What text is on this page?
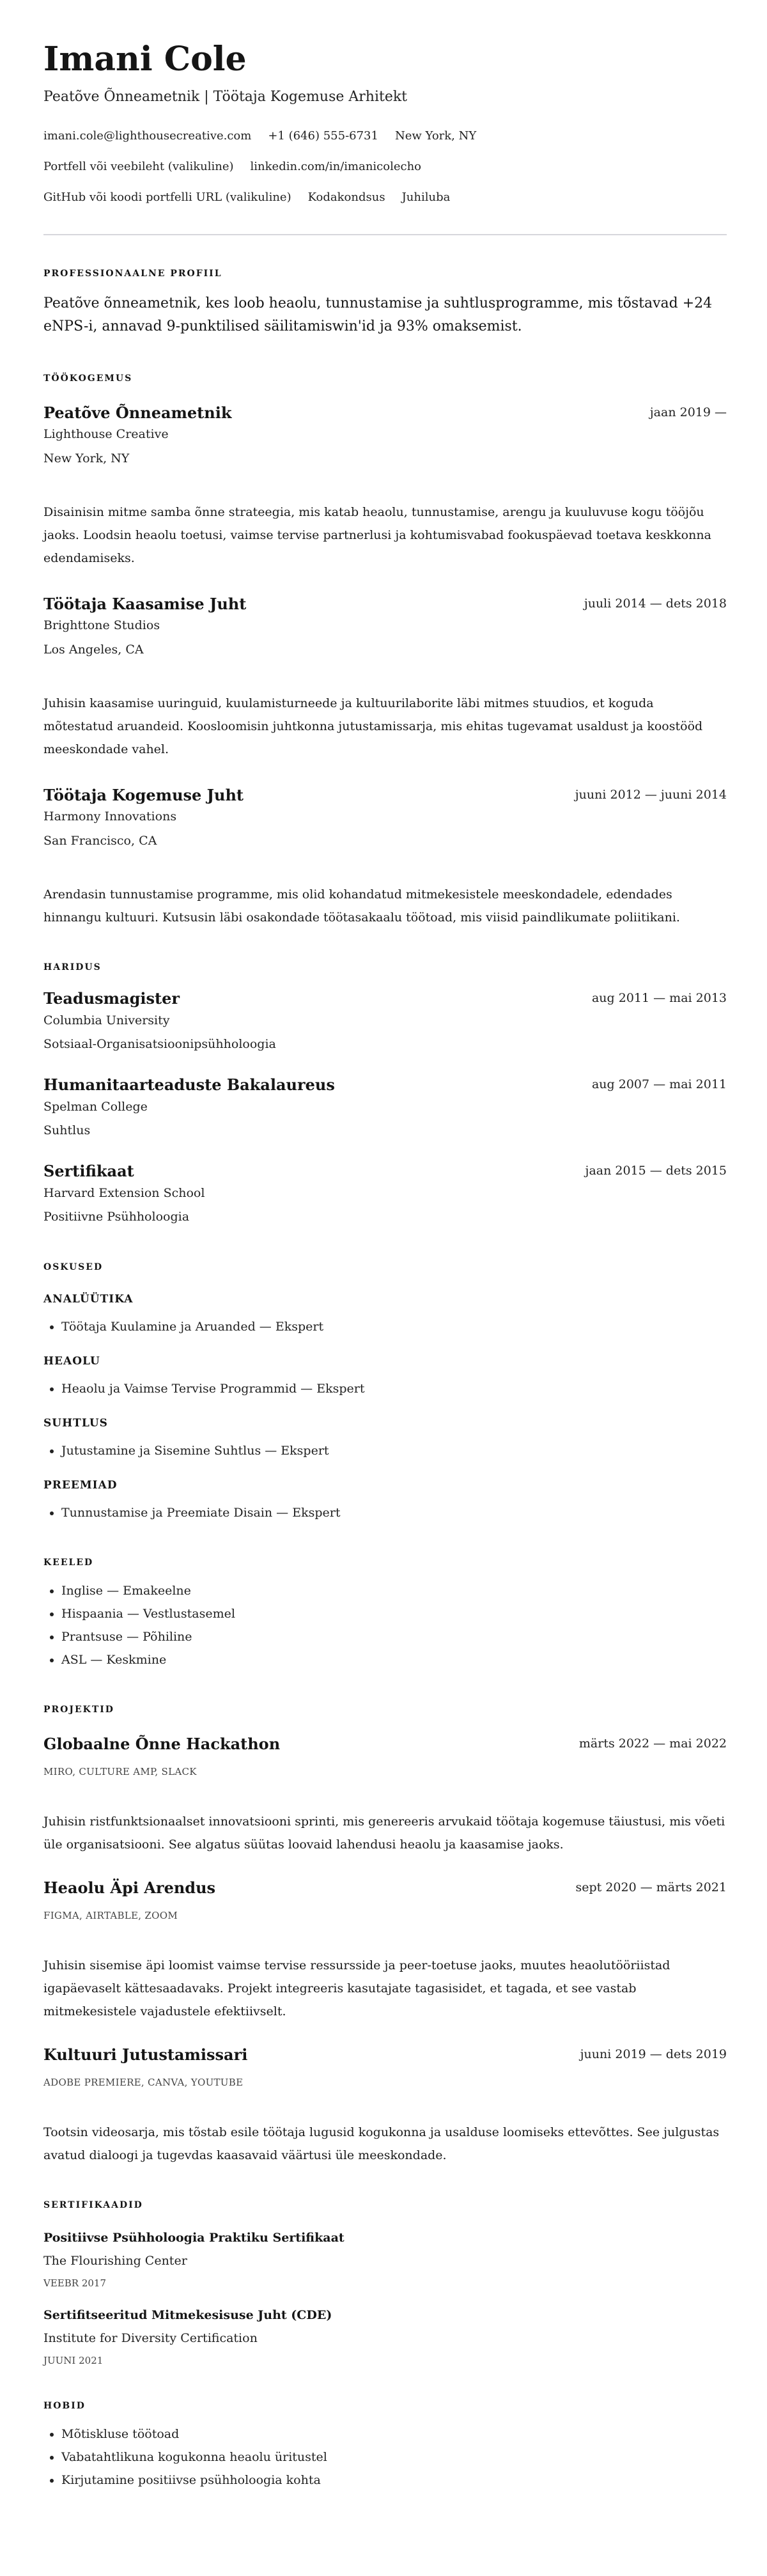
Imani Cole
Peatõve Õnneametnik | Töötaja Kogemuse Arhitekt
imani.cole@lighthousecreative.com +1 (646) 555-6731 New York, NY
Portfell või veebileht (valikuline) linkedin.com/in/imanicolecho
GitHub või koodi portfelli URL (valikuline) Kodakondsus Juhiluba
PROFESSIONAALNE PROFIIL
Peatõve õnneametnik, kes loob heaolu, tunnustamise ja suhtlusprogramme, mis tõstavad +24 eNPS-i, annavad 9-punktilised säilitamiswin'id ja 93% omaksemist.
TÖÖKOGEMUS
Peatõve Õnneametnik	jaan 2019 —
Lighthouse Creative
New York, NY
Disainisin mitme samba õnne strateegia, mis katab heaolu, tunnustamise, arengu ja kuuluvuse kogu tööjõu jaoks. Loodsin heaolu toetusi, vaimse tervise partnerlusi ja kohtumisvabad fookuspäevad toetava keskkonna edendamiseks.
Töötaja Kaasamise Juht	juuli 2014 — dets 2018
Brighttone Studios
Los Angeles, CA
Juhisin kaasamise uuringuid, kuulamisturneede ja kultuurilaborite läbi mitmes stuudios, et koguda mõtestatud aruandeid. Koosloomisin juhtkonna jutustamissarja, mis ehitas tugevamat usaldust ja koostööd meeskondade vahel.
Töötaja Kogemuse Juht	juuni 2012 — juuni 2014
Harmony Innovations
San Francisco, CA
Arendasin tunnustamise programme, mis olid kohandatud mitmekesistele meeskondadele, edendades hinnangu kultuuri. Kutsusin läbi osakondade töötasakaalu töötoad, mis viisid paindlikumate poliitikani.
HARIDUS
Teadusmagister	aug 2011 — mai 2013
Columbia University
Sotsiaal-Organisatsioonipsühholoogia
Humanitaarteaduste Bakalaureus	aug 2007 — mai 2011
Spelman College
Suhtlus
Sertifikaat	jaan 2015 — dets 2015
Harvard Extension School
Positiivne Psühholoogia
OSKUSED
ANALÜÜTIKA
• Töötaja Kuulamine ja Aruanded — Ekspert
HEAOLU
• Heaolu ja Vaimse Tervise Programmid — Ekspert
SUHTLUS
• Jutustamine ja Sisemine Suhtlus — Ekspert
PREEMIAD
• Tunnustamise ja Preemiate Disain — Ekspert
KEELED
• Inglise — Emakeelne
• Hispaania — Vestlustasemel
• Prantsuse — Põhiline
• ASL — Keskmine
PROJEKTID
Globaalne Õnne Hackathon	märts 2022 — mai 2022
MIRO, CULTURE AMP, SLACK
Juhisin ristfunktsionaalset innovatsiooni sprinti, mis genereeris arvukaid töötaja kogemuse täiustusi, mis võeti üle organisatsiooni. See algatus süütas loovaid lahendusi heaolu ja kaasamise jaoks.
Heaolu Äpi Arendus	sept 2020 — märts 2021
FIGMA, AIRTABLE, ZOOM
Juhisin sisemise äpi loomist vaimse tervise ressursside ja peer-toetuse jaoks, muutes heaolutööriistad igapäevaselt kättesaadavaks. Projekt integreeris kasutajate tagasisidet, et tagada, et see vastab mitmekesistele vajadustele efektiivselt.
Kultuuri Jutustamissari	juuni 2019 — dets 2019
ADOBE PREMIERE, CANVA, YOUTUBE
Tootsin videosarja, mis tõstab esile töötaja lugusid kogukonna ja usalduse loomiseks ettevõttes. See julgustas avatud dialoogi ja tugevdas kaasavaid väärtusi üle meeskondade.
SERTIFIKAADID
Positiivse Psühholoogia Praktiku Sertifikaat
The Flourishing Center
VEEBR 2017
Sertifitseeritud Mitmekesisuse Juht (CDE)
Institute for Diversity Certification
JUUNI 2021
HOBID
• Mõtiskluse töötoad
• Vabatahtlikuna kogukonna heaolu üritustel
• Kirjutamine positiivse psühholoogia kohta
